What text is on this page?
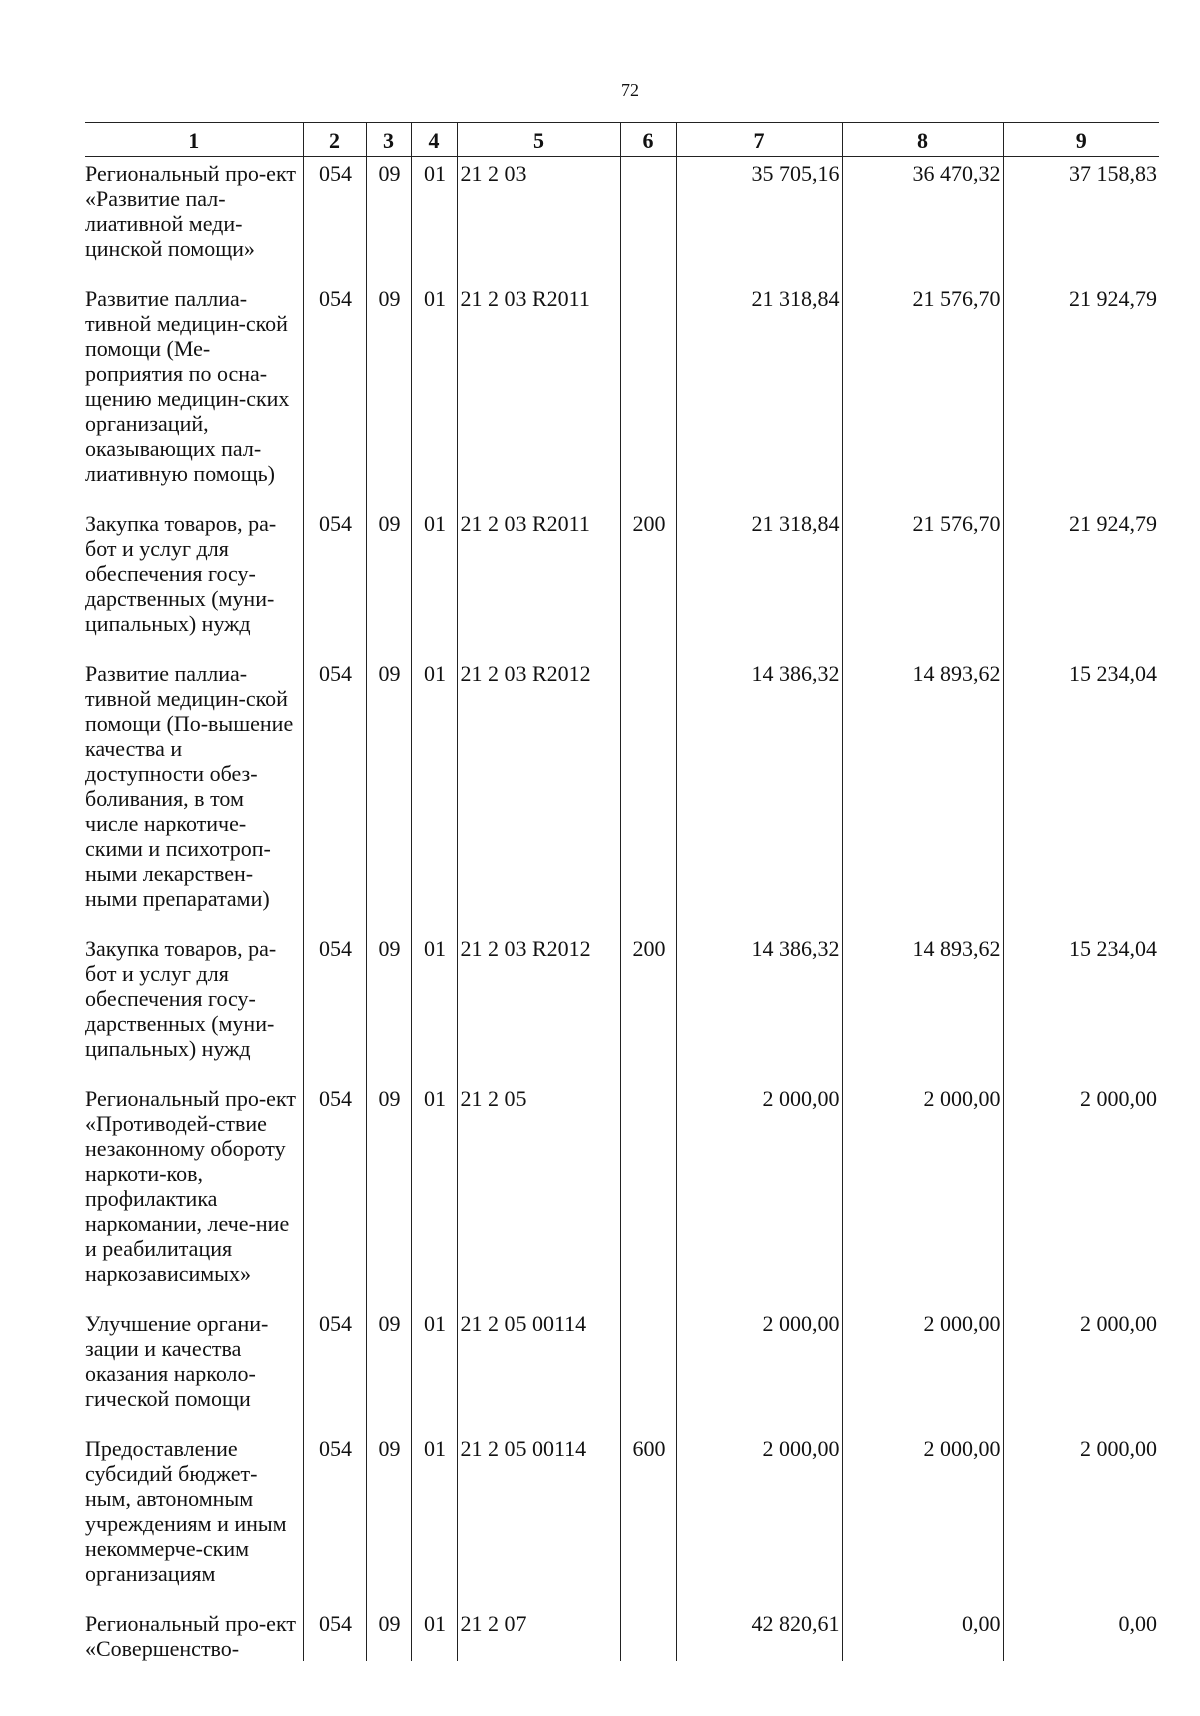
72
1	2	3	4	5	6	7	8	9
Региональный про-ект «Развитие пал-лиативной меди-цинской помощи»	054	09	01	21 2 03		35 705,16	36 470,32	37 158,83

Развитие паллиа-тивной медицин-ской помощи (Ме-роприятия по осна-щению медицин-ских организаций, оказывающих пал-лиативную помощь)	054	09	01	21 2 03 R2011		21 318,84	21 576,70	21 924,79

Закупка товаров, ра-бот и услуг для обеспечения госу-дарственных (муни-ципальных) нужд	054	09	01	21 2 03 R2011	200	21 318,84	21 576,70	21 924,79

Развитие паллиа-тивной медицин-ской помощи (По-вышение качества и доступности обез-боливания, в том числе наркотиче-скими и психотроп-ными лекарствен-ными препаратами)	054	09	01	21 2 03 R2012		14 386,32	14 893,62	15 234,04

Закупка товаров, ра-бот и услуг для обеспечения госу-дарственных (муни-ципальных) нужд	054	09	01	21 2 03 R2012	200	14 386,32	14 893,62	15 234,04

Региональный про-ект «Противодей-ствие незаконному обороту наркоти-ков, профилактика наркомании, лече-ние и реабилитация наркозависимых»	054	09	01	21 2 05		2 000,00	2 000,00	2 000,00

Улучшение органи-зации и качества оказания нарколо-гической помощи	054	09	01	21 2 05 00114		2 000,00	2 000,00	2 000,00

Предоставление субсидий бюджет-ным, автономным учреждениям и иным некоммерче-ским организациям	054	09	01	21 2 05 00114	600	2 000,00	2 000,00	2 000,00

Региональный про-ект «Совершенство-	054	09	01	21 2 07		42 820,61	0,00	0,00
